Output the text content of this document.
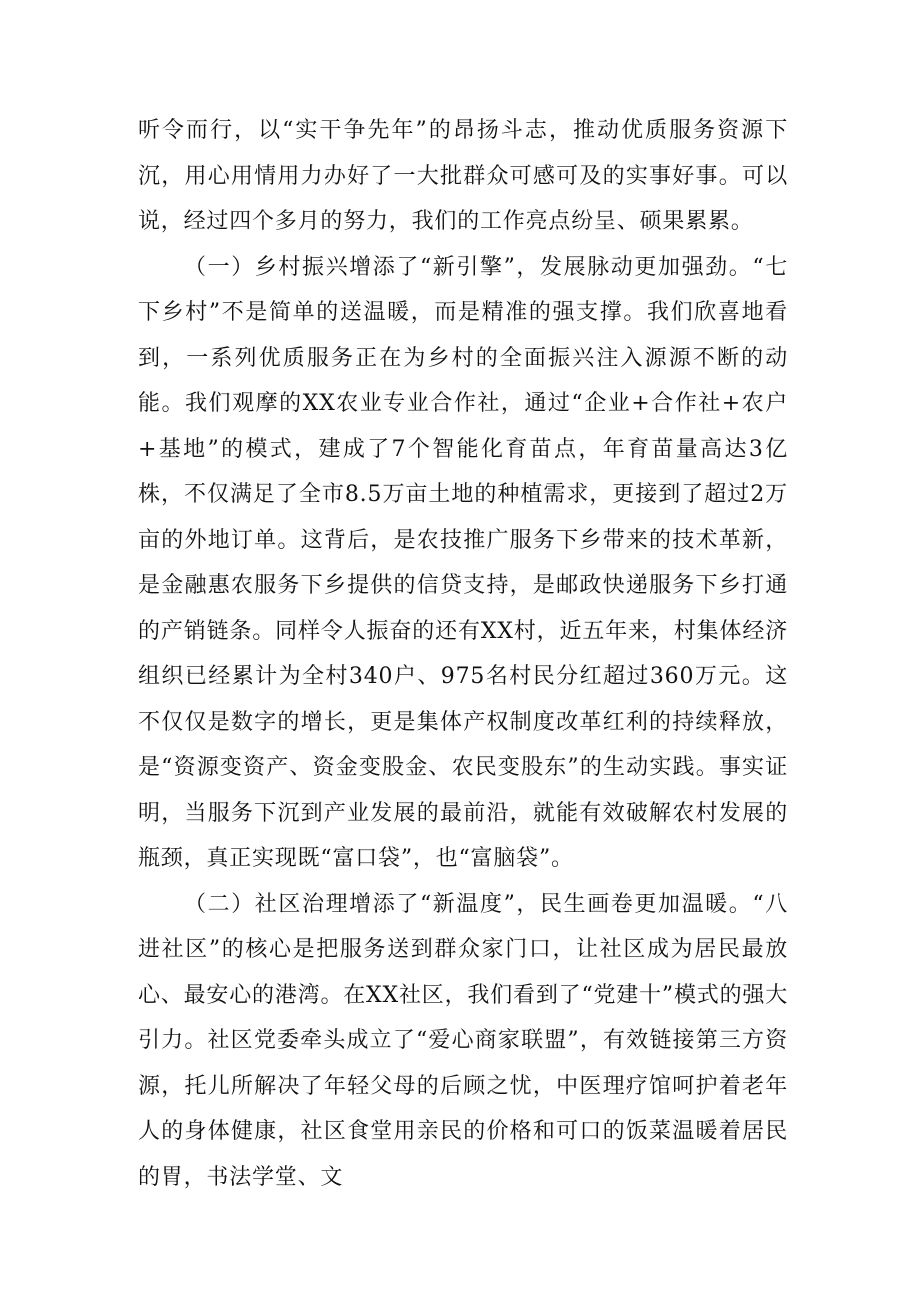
听令而行，以“实干争先年”的昂扬斗志，推动优质服务资源下沉，用心用情用力办好了一大批群众可感可及的实事好事。可以说，经过四个多月的努力，我们的工作亮点纷呈、硕果累累。

（一）乡村振兴增添了“新引擎”，发展脉动更加强劲。“七下乡村”不是简单的送温暖，而是精准的强支撑。我们欣喜地看到，一系列优质服务正在为乡村的全面振兴注入源源不断的动能。我们观摩的XX农业专业合作社，通过“企业+合作社+农户+基地”的模式，建成了7个智能化育苗点，年育苗量高达3亿株，不仅满足了全市8.5万亩土地的种植需求，更接到了超过2万亩的外地订单。这背后，是农技推广服务下乡带来的技术革新，是金融惠农服务下乡提供的信贷支持，是邮政快递服务下乡打通的产销链条。同样令人振奋的还有XX村，近五年来，村集体经济组织已经累计为全村340户、975名村民分红超过360万元。这不仅仅是数字的增长，更是集体产权制度改革红利的持续释放，是“资源变资产、资金变股金、农民变股东”的生动实践。事实证明，当服务下沉到产业发展的最前沿，就能有效破解农村发展的瓶颈，真正实现既“富口袋”，也“富脑袋”。

（二）社区治理增添了“新温度”，民生画卷更加温暖。“八进社区”的核心是把服务送到群众家门口，让社区成为居民最放心、最安心的港湾。在XX社区，我们看到了“党建十”模式的强大引力。社区党委牵头成立了“爱心商家联盟”，有效链接第三方资源，托儿所解决了年轻父母的后顾之忧，中医理疗馆呵护着老年人的身体健康，社区食堂用亲民的价格和可口的饭菜温暖着居民的胃，书法学堂、文
